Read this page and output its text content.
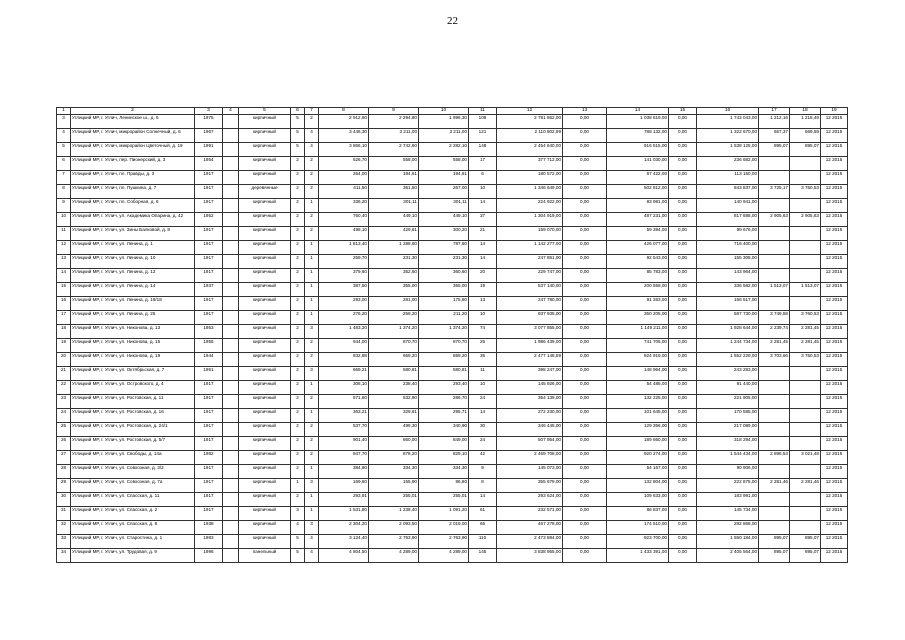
22
1	2	3	4	5	6	7	8	9	10	11	12	13	14	15	16	17	18	19
3	Углицкий МР, г. Углич, Ленинское ш., д. 5	1975		кирпичный	5	2	2 912,60	2 294,80	1 996,30	108	2 781 862,00	0,00	1 038 619,00	0,00	1 743 043,00	1 212,16	1 218,49	12 2015
4	Углицкий МР, г. Углич, микрорайон Солнечный, д. 6	1967		кирпичный	5	4	3 446,30	3 211,00	3 211,00	121	2 110 802,99	0,00	788 132,00	0,00	1 322 670,00	657,37	669,59	12 2015
5	Углицкий МР, г. Углич, микрорайон Цветочный, д. 19	1991		кирпичный	5	4	3 866,10	2 742,60	2 282,10	148	2 454 640,00	0,00	916 515,00	0,00	1 538 125,00	895,07	895,07	12 2015
6	Углицкий МР, г. Углич, пер. Пионерский, д. 3	1954		кирпичный	2	2	626,70	558,00	558,00	17	377 712,00	0,00	141 030,00	0,00	236 682,00			12 2015
7	Углицкий МР, г. Углич, пл. Правды, д. 3	1917		кирпичный	2	2	264,00	194,61	194,61	6	180 572,00	0,00	67 422,00	0,00	113 150,00			12 2015
8	Углицкий МР, г. Углич, пл. Пушкина, д. 7	1917		деревянные	2	2	411,50	361,50	267,00	10	1 346 649,00	0,00	502 812,00	0,00	843 837,00	3 725,17	3 760,53	12 2015
9	Углицкий МР, г. Углич, пл. Соборная, д. 6	1917		кирпичный	2	1	336,20	301,11	301,11	14	224 922,00	0,00	83 981,00	0,00	140 941,00			12 2015
10	Углицкий МР, г. Углич, ул. Академика Опарина, д. 42	1952		кирпичный	2	2	760,40	449,10	449,10	37	1 304 919,00	0,00	487 231,00	0,00	817 688,00	2 905,63	2 905,63	12 2015
11	Углицкий МР, г. Углич, ул. Зины Балковой, д. 8	1917		кирпичный	2	2	498,10	429,81	300,20	21	159 070,00	0,00	59 394,00	0,00	99 676,00			12 2015
12	Углицкий МР, г. Углич, ул. Ленина, д. 1	1917		кирпичный	2	1	1 813,40	1 288,60	787,60	14	1 142 277,00	0,00	426 077,00	0,00	716 400,00			12 2015
13	Углицкий МР, г. Углич, ул. Ленина, д. 10	1917		кирпичный	2	1	259,70	231,30	231,30	14	247 851,00	0,00	92 543,00	0,00	155 308,00			12 2015
14	Углицкий МР, г. Углич, ул. Ленина, д. 12	1917		кирпичный	2	1	379,60	352,60	360,60	20	229 747,00	0,00	85 783,00	0,00	143 964,00			12 2015
15	Углицкий МР, г. Углич, ул. Ленина, д. 14	1937		кирпичный	2	1	387,50	355,00	355,00	19	537 140,00	0,00	200 558,00	0,00	336 582,00	1 513,07	1 513,07	12 2015
16	Углицкий МР, г. Углич, ул. Ленина, д. 19/18	1917		кирпичный	2	1	293,00	281,00	175,60	13	247 780,00	0,00	91 263,00	0,00	156 517,00			12 2015
17	Углицкий МР, г. Углич, ул. Ленина, д. 25	1917		кирпичный	2	1	276,20	259,20	211,20	10	937 935,00	0,00	350 205,00	0,00	587 730,00	3 749,58	3 760,53	12 2015
18	Углицкий МР, г. Углич, ул. Никонова, д. 13	1953		кирпичный	2	3	1 483,20	1 374,20	1 374,20	74	3 077 855,00	0,00	1 149 211,00	0,00	1 928 644,00	2 239,74	2 281,45	12 2015
19	Углицкий МР, г. Углич, ул. Никонова, д. 15	1955		кирпичный	2	2	944,00	870,70	870,70	25	1 986 439,00	0,00	741 705,00	0,00	1 244 734,00	2 281,45	2 281,45	12 2015
20	Углицкий МР, г. Углич, ул. Никонова, д. 19	1944		кирпичный	2	2	832,88	659,20	659,20	35	2 477 148,59	0,00	924 919,00	0,00	1 552 229,00	3 703,66	3 760,53	12 2015
21	Углицкий МР, г. Углич, ул. Октябрьская, д. 7	1951		кирпичный	2	3	669,21	580,81	580,81	11	398 247,00	0,00	148 964,00	0,00	243 283,00			12 2015
22	Углицкий МР, г. Углич, ул. Островского, д. 4	1917		кирпичный	2	1	308,10	238,40	293,40	10	145 926,00	0,00	54 486,00	0,00	91 440,00			12 2015
23	Углицкий МР, г. Углич, ул. Ростовская, д. 11	1917		кирпичный	2	2	571,60	532,90	286,70	24	354 139,00	0,00	132 225,00	0,00	221 905,00			12 2015
24	Углицкий МР, г. Углич, ул. Ростовская, д. 16	1917		кирпичный	2	1	363,21	329,61	295,71	14	272 230,00	0,00	101 645,00	0,00	170 585,00			12 2015
25	Углицкий МР, г. Углич, ул. Ростовская, д. 24/1	1917		кирпичный	2	2	537,70	499,30	340,90	30	346 445,00	0,00	129 356,00	0,00	217 089,00			12 2015
26	Углицкий МР, г. Углич, ул. Ростовская, д. 5/7	1917		кирпичный	2	2	901,40	860,00	849,00	24	507 954,00	0,00	189 660,00	0,00	318 294,00			12 2015
27	Углицкий МР, г. Углич, ул. Свободы, д. 14а	1982		кирпичный	2	2	947,70	878,20	829,10	42	2 469 708,00	0,00	920 274,00	0,00	1 544 434,00	2 896,53	3 021,48	12 2015
28	Углицкий МР, г. Углич, ул. Совхозная, д. 3/2	1917		кирпичный	2	1	384,80	334,30	334,30	9	145 073,00	0,00	54 167,00	0,00	90 906,00			12 2015
29	Углицкий МР, г. Углич, ул. Совхозная, д. 7а	1917		кирпичный	1	3	169,60	155,90	86,80	8	355 679,00	0,00	132 804,00	0,00	222 875,00	2 281,46	2 281,46	12 2015
30	Углицкий МР, г. Углич, ул. Спасская, д. 11	1917		кирпичный	2	1	293,91	255,01	255,01	14	293 624,00	0,00	109 633,00	0,00	183 991,00			12 2015
31	Углицкий МР, г. Углич, ул. Спасская, д. 2	1917		кирпичный	3	1	1 531,80	1 238,40	1 091,20	61	232 571,00	0,00	86 837,00	0,00	145 734,00			12 2015
32	Углицкий МР, г. Углич, ул. Спасская, д. 8	1938		кирпичный	4	3	2 304,20	2 093,50	2 019,00	65	467 278,00	0,00	174 510,00	0,00	292 868,00			12 2015
33	Углицкий МР, г. Углич, ул. Старостина, д. 1	1983		кирпичный	5	4	3 124,40	2 763,90	2 763,90	110	2 473 884,00	0,00	923 700,00	0,00	1 550 184,00	895,07	895,07	12 2015
34	Углицкий МР, г. Углич, ул. Трудовая, д. 9	1996		панельный	5	4	4 804,50	4 289,00	4 289,00	145	3 838 955,00	0,00	1 433 391,00	0,00	2 405 564,00	895,07	895,07	12 2015
